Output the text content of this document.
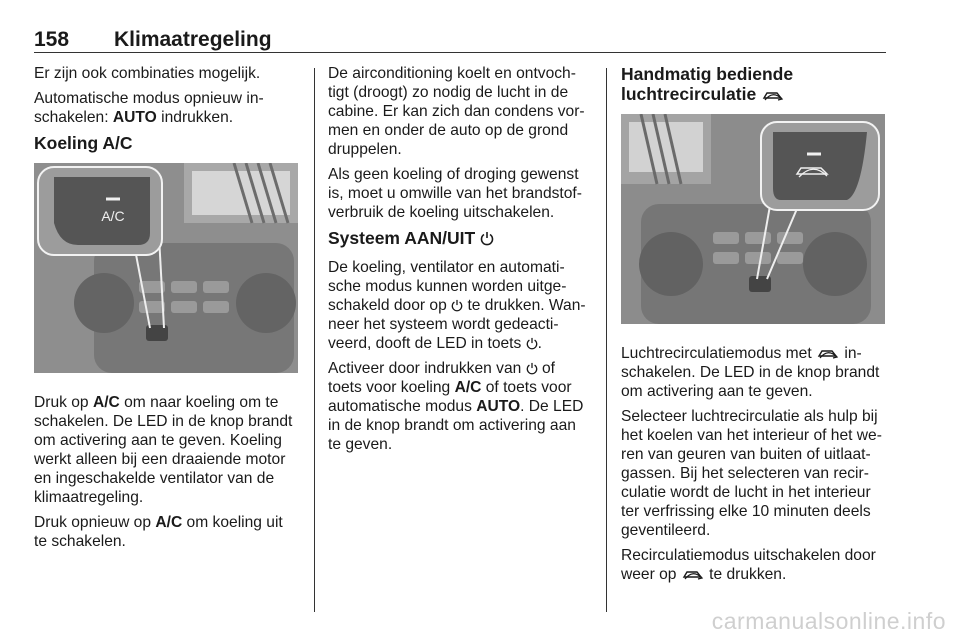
158 Klimaatregeling

Er zijn ook combinaties mogelijk.

Automatische modus opnieuw in-
schakelen: AUTO indrukken.

Koeling A/C
A/C

Druk op A/C om naar koeling om te
schakelen. De LED in de knop brandt
om activering aan te geven. Koeling
werkt alleen bij een draaiende motor
en ingeschakelde ventilator van de
klimaatregeling.

Druk opnieuw op A/C om koeling uit
te schakelen.

De airconditioning koelt en ontvoch-
tigt (droogt) zo nodig de lucht in de
cabine. Er kan zich dan condens vor-
men en onder de auto op de grond
druppelen.

Als geen koeling of droging gewenst
is, moet u omwille van het brandstof-
verbruik de koeling uitschakelen.

Systeem AAN/UIT

De koeling, ventilator en automati-
sche modus kunnen worden uitge-
schakeld door op  te drukken. Wan-
neer het systeem wordt gedeacti-
veerd, dooft de LED in toets .

Activeer door indrukken van  of
toets voor koeling A/C of toets voor
automatische modus AUTO. De LED
in de knop brandt om activering aan
te geven.

Handmatig bediende
luchtrecirculatie

Luchtrecirculatiemodus met  in-
schakelen. De LED in de knop brandt
om activering aan te geven.

Selecteer luchtrecirculatie als hulp bij
het koelen van het interieur of het we-
ren van geuren van buiten of uitlaat-
gassen. Bij het selecteren van recir-
culatie wordt de lucht in het interieur
ter verfrissing elke 10 minuten deels
geventileerd.

Recirculatiemodus uitschakelen door
weer op  te drukken.

carmanualsonline.info
